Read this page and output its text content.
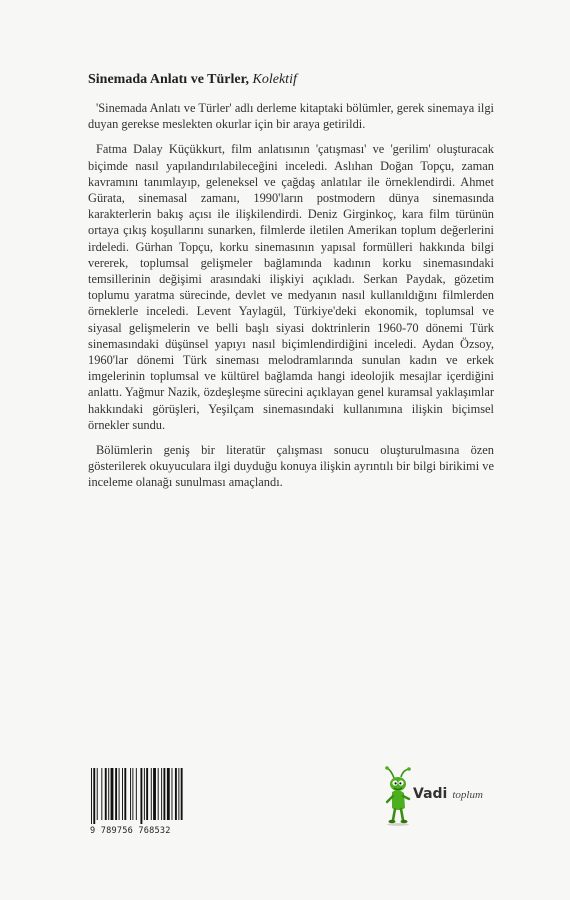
Sinemada Anlatı ve Türler, Kolektif

'Sinemada Anlatı ve Türler' adlı derleme kitaptaki bölümler, gerek sinemaya ilgi duyan gerekse meslekten okurlar için bir araya getirildi.

Fatma Dalay Küçükkurt, film anlatısının 'çatışması' ve 'gerilim' oluşturacak biçimde nasıl yapılandırılabileceğini inceledi. Aslıhan Doğan Topçu, zaman kavramını tanımlayıp, geleneksel ve çağdaş anlatılar ile örneklendirdi. Ahmet Gürata, sinemasal zamanı, 1990'ların postmodern dünya sinemasında karakterlerin bakış açısı ile ilişkilendirdi. Deniz Girginkoç, kara film türünün ortaya çıkış koşullarını sunarken, filmlerde iletilen Amerikan toplum değerlerini irdeledi. Gürhan Topçu, korku sinemasının yapısal formülleri hakkında bilgi vererek, toplumsal gelişmeler bağlamında kadının korku sinemasındaki temsillerinin değişimi arasındaki ilişkiyi açıkladı. Serkan Paydak, gözetim toplumu yaratma sürecinde, devlet ve medyanın nasıl kullanıldığını filmlerden örneklerle inceledi. Levent Yaylagül, Türkiye'deki ekonomik, toplumsal ve siyasal gelişmelerin ve belli başlı siyasi doktrinlerin 1960-70 dönemi Türk sinemasındaki düşünsel yapıyı nasıl biçimlendirdiğini inceledi. Aydan Özsoy, 1960'lar dönemi Türk sineması melodramlarında sunulan kadın ve erkek imgelerinin toplumsal ve kültürel bağlamda hangi ideolojik mesajlar içerdiğini anlattı. Yağmur Nazik, özdeşleşme sürecini açıklayan genel kuramsal yaklaşımlar hakkındaki görüşleri, Yeşilçam sinemasındaki kullanımına ilişkin biçimsel örnekler sundu.

Bölümlerin geniş bir literatür çalışması sonucu oluşturulmasına özen gösterilerek okuyuculara ilgi duyduğu konuya ilişkin ayrıntılı bir bilgi birikimi ve inceleme olanağı sunulması amaçlandı.

9 789756 768532
Vadi toplum
